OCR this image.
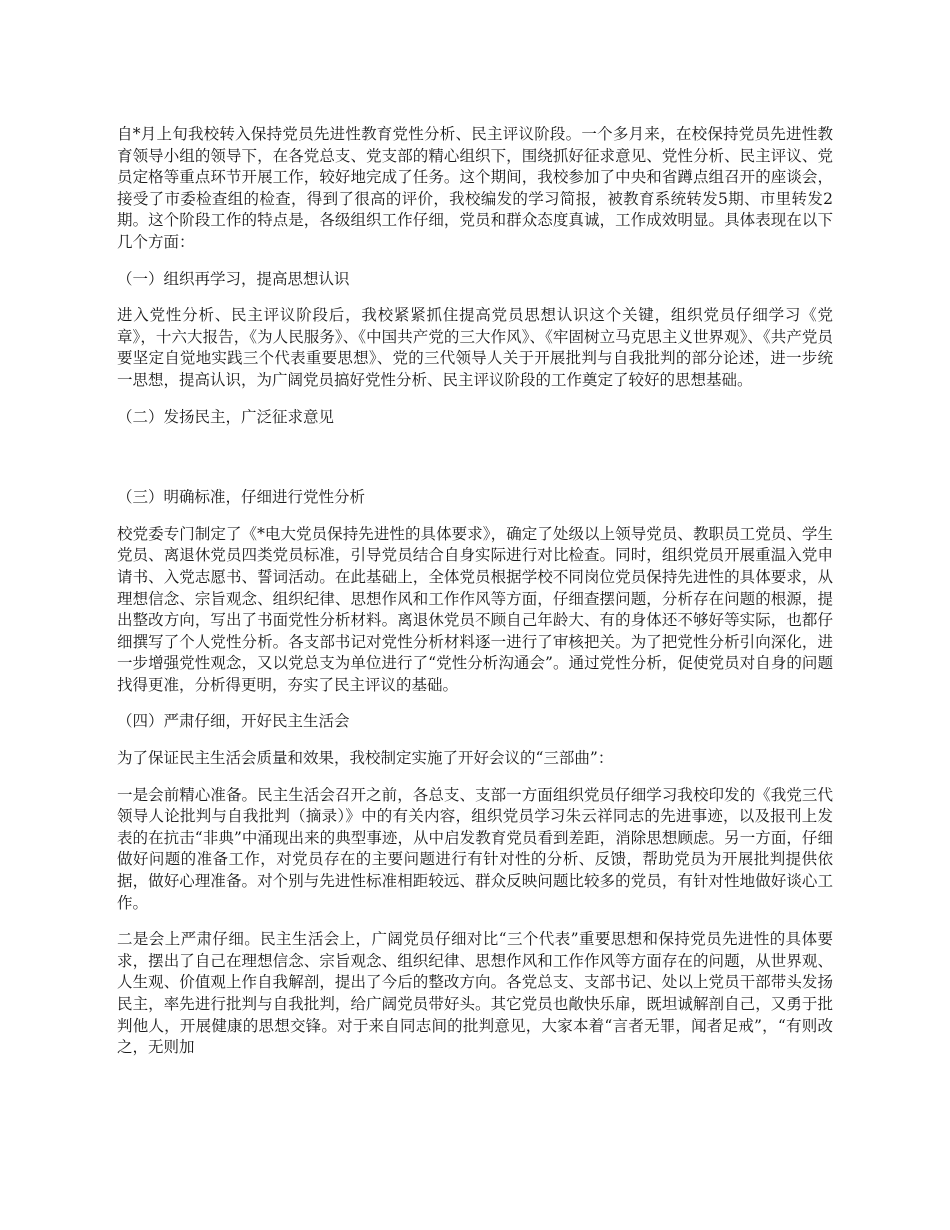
自*月上旬我校转入保持党员先进性教育党性分析、民主评议阶段。一个多月来，在校保持党员先进性教育领导小组的领导下，在各党总支、党支部的精心组织下，围绕抓好征求意见、党性分析、民主评议、党员定格等重点环节开展工作，较好地完成了任务。这个期间，我校参加了中央和省蹲点组召开的座谈会，接受了市委检查组的检查，得到了很高的评价，我校编发的学习简报，被教育系统转发5期、市里转发2期。这个阶段工作的特点是，各级组织工作仔细，党员和群众态度真诚，工作成效明显。具体表现在以下几个方面：

（一）组织再学习，提高思想认识

进入党性分析、民主评议阶段后，我校紧紧抓住提高党员思想认识这个关键，组织党员仔细学习《党章》，十六大报告，《为人民服务》、《中国共产党的三大作风》、《牢固树立马克思主义世界观》、《共产党员要坚定自觉地实践三个代表重要思想》、党的三代领导人关于开展批判与自我批判的部分论述，进一步统一思想，提高认识，为广阔党员搞好党性分析、民主评议阶段的工作奠定了较好的思想基础。

（二）发扬民主，广泛征求意见

（三）明确标准，仔细进行党性分析

校党委专门制定了《*电大党员保持先进性的具体要求》，确定了处级以上领导党员、教职员工党员、学生党员、离退休党员四类党员标准，引导党员结合自身实际进行对比检查。同时，组织党员开展重温入党申请书、入党志愿书、誓词活动。在此基础上，全体党员根据学校不同岗位党员保持先进性的具体要求，从理想信念、宗旨观念、组织纪律、思想作风和工作作风等方面，仔细查摆问题，分析存在问题的根源，提出整改方向，写出了书面党性分析材料。离退休党员不顾自己年龄大、有的身体还不够好等实际，也都仔细撰写了个人党性分析。各支部书记对党性分析材料逐一进行了审核把关。为了把党性分析引向深化，进一步增强党性观念，又以党总支为单位进行了“党性分析沟通会”。通过党性分析，促使党员对自身的问题找得更准，分析得更明，夯实了民主评议的基础。

（四）严肃仔细，开好民主生活会

为了保证民主生活会质量和效果，我校制定实施了开好会议的“三部曲”：

一是会前精心准备。民主生活会召开之前，各总支、支部一方面组织党员仔细学习我校印发的《我党三代领导人论批判与自我批判（摘录）》中的有关内容，组织党员学习朱云祥同志的先进事迹，以及报刊上发表的在抗击“非典”中涌现出来的典型事迹，从中启发教育党员看到差距，消除思想顾虑。另一方面，仔细做好问题的准备工作，对党员存在的主要问题进行有针对性的分析、反馈，帮助党员为开展批判提供依据，做好心理准备。对个别与先进性标准相距较远、群众反映问题比较多的党员，有针对性地做好谈心工作。

二是会上严肃仔细。民主生活会上，广阔党员仔细对比“三个代表”重要思想和保持党员先进性的具体要求，摆出了自己在理想信念、宗旨观念、组织纪律、思想作风和工作作风等方面存在的问题，从世界观、人生观、价值观上作自我解剖，提出了今后的整改方向。各党总支、支部书记、处以上党员干部带头发扬民主，率先进行批判与自我批判，给广阔党员带好头。其它党员也敞快乐扉，既坦诚解剖自己，又勇于批判他人，开展健康的思想交锋。对于来自同志间的批判意见，大家本着“言者无罪，闻者足戒”，“有则改之，无则加
